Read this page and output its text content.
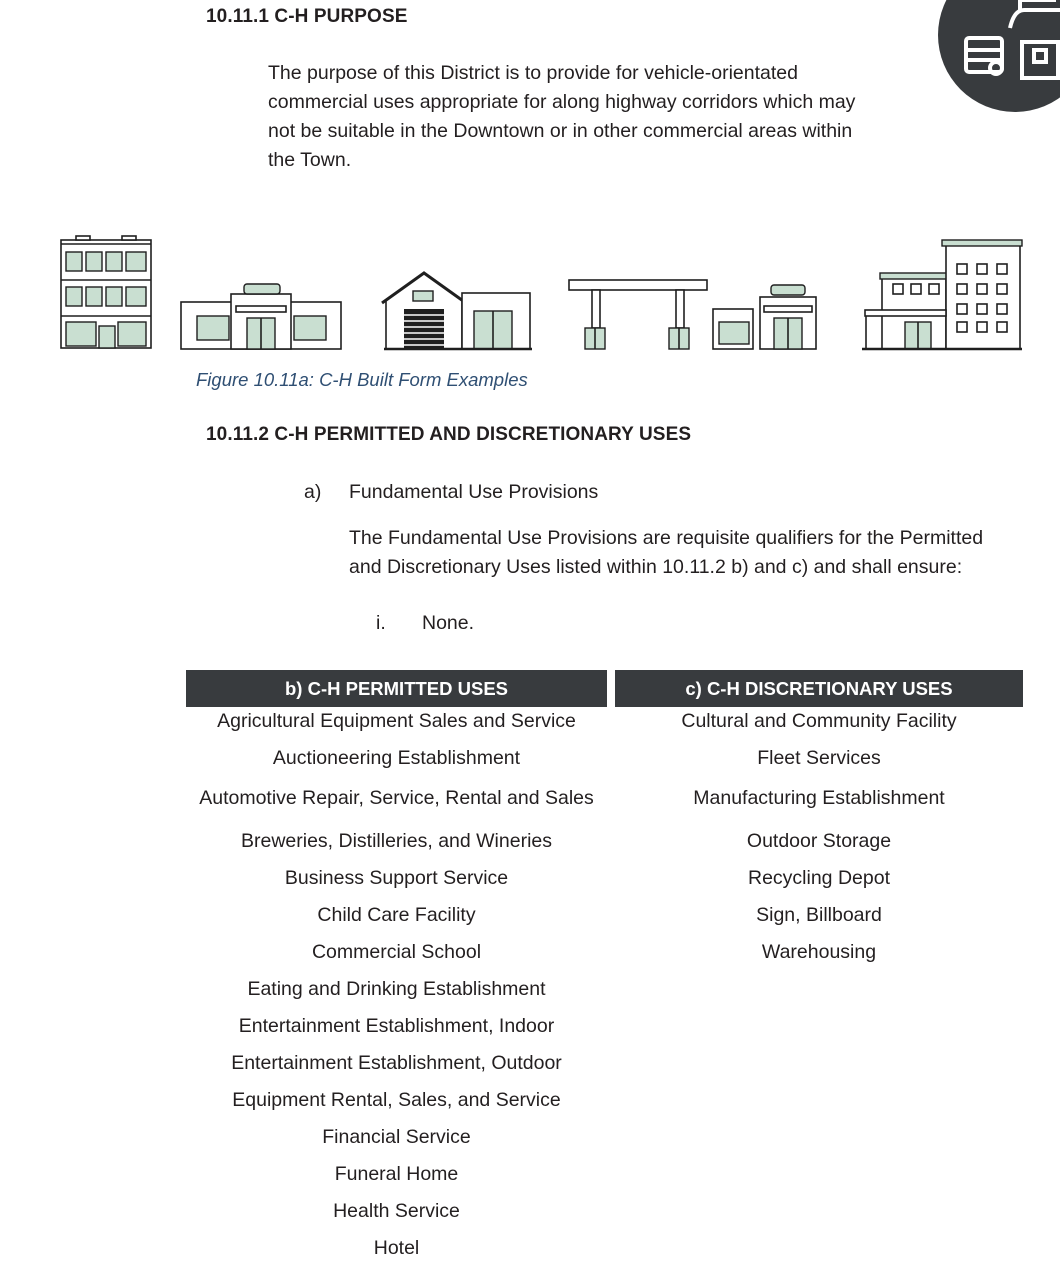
10.11.1 C-H PURPOSE
The purpose of this District is to provide for vehicle-orientated
commercial uses appropriate for along highway corridors which may
not be suitable in the Downtown or in other commercial areas within
the Town.
Figure 10.11a: C-H Built Form Examples
10.11.2 C-H PERMITTED AND DISCRETIONARY USES
a) Fundamental Use Provisions
The Fundamental Use Provisions are requisite qualifiers for the Permitted
and Discretionary Uses listed within 10.11.2 b) and c) and shall ensure:
i. None.
b) C-H PERMITTED USES
Agricultural Equipment Sales and Service
Auctioneering Establishment
Automotive Repair, Service, Rental and Sales
Breweries, Distilleries, and Wineries
Business Support Service
Child Care Facility
Commercial School
Eating and Drinking Establishment
Entertainment Establishment, Indoor
Entertainment Establishment, Outdoor
Equipment Rental, Sales, and Service
Financial Service
Funeral Home
Health Service
Hotel
c) C-H DISCRETIONARY USES
Cultural and Community Facility
Fleet Services
Manufacturing Establishment
Outdoor Storage
Recycling Depot
Sign, Billboard
Warehousing
